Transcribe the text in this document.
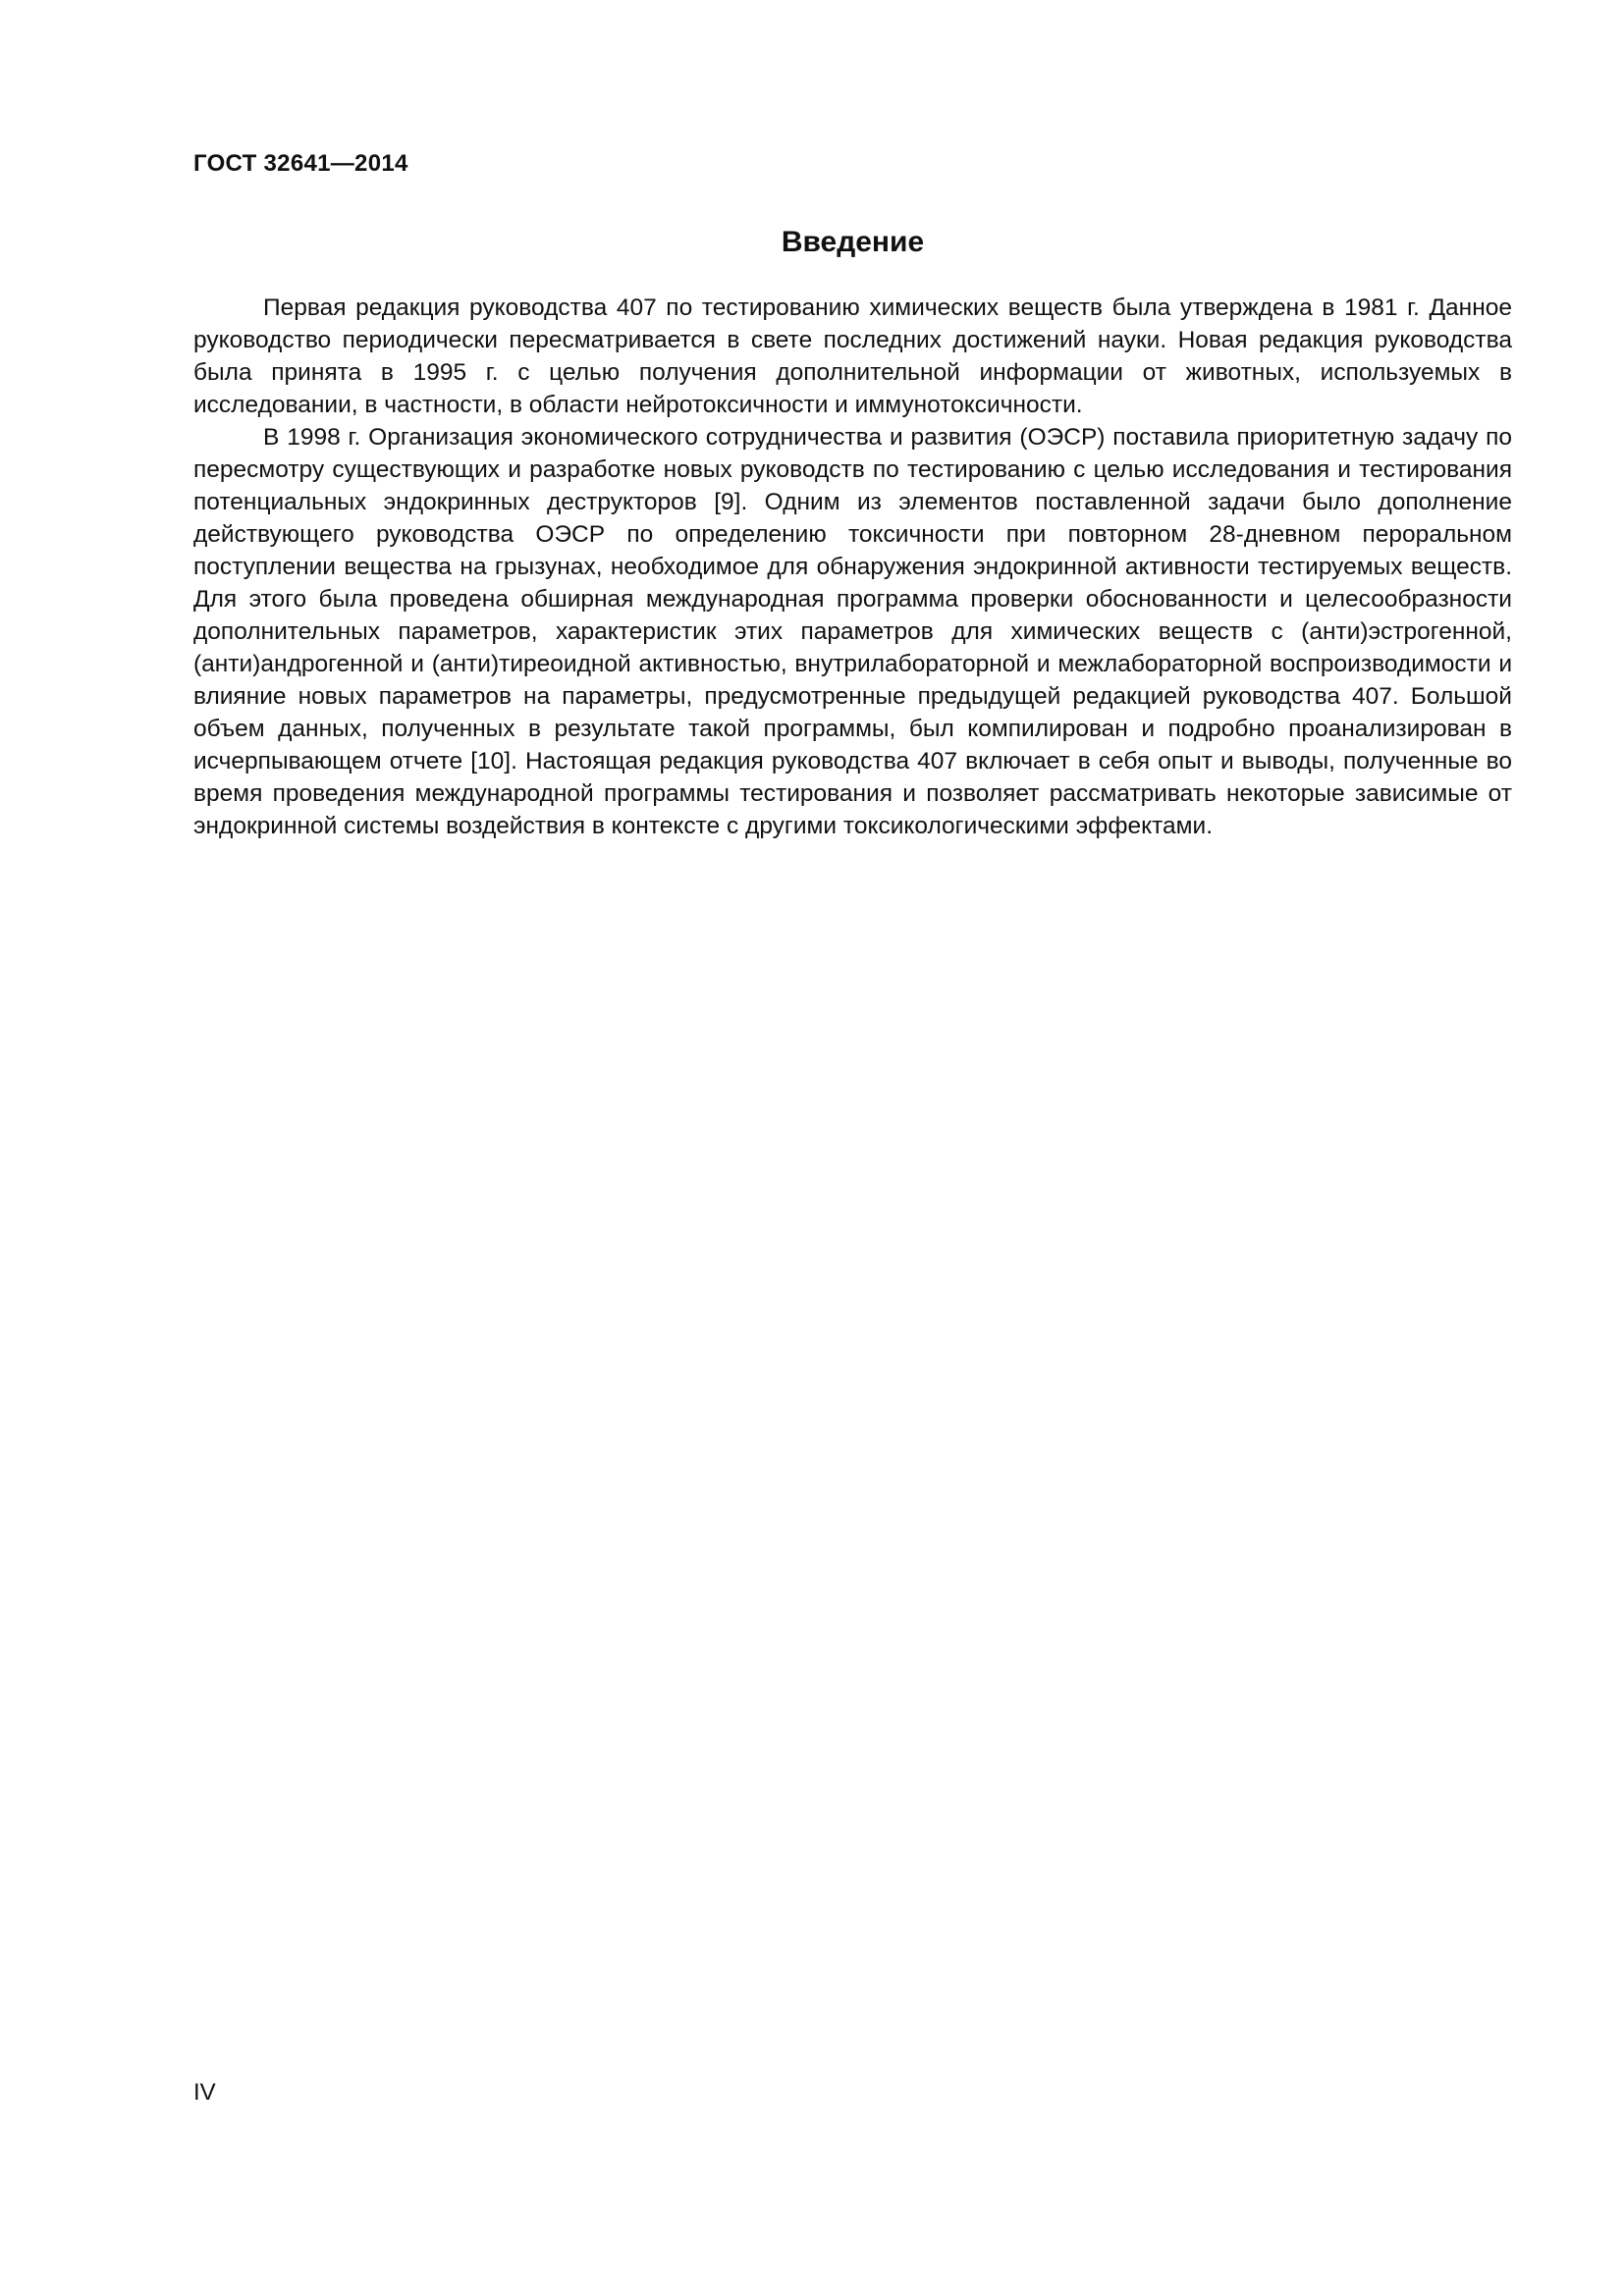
ГОСТ 32641—2014
Введение

Первая редакция руководства 407 по тестированию химических веществ была утверждена в 1981 г. Данное руководство периодически пересматривается в свете последних достижений науки. Новая редакция руководства была принята в 1995 г. с целью получения дополнительной информации от животных, используемых в исследовании, в частности, в области нейротоксичности и иммунотоксичности.

В 1998 г. Организация экономического сотрудничества и развития (ОЭСР) поставила приоритетную задачу по пересмотру существующих и разработке новых руководств по тестированию с целью исследования и тестирования потенциальных эндокринных деструкторов [9]. Одним из элементов поставленной задачи было дополнение действующего руководства ОЭСР по определению токсичности при повторном 28-дневном пероральном поступлении вещества на грызунах, необходимое для обнаружения эндокринной активности тестируемых веществ. Для этого была проведена обширная международная программа проверки обоснованности и целесообразности дополнительных параметров, характеристик этих параметров для химических веществ с (анти)эстрогенной, (анти)андрогенной и (анти)тиреоидной активностью, внутрилабораторной и межлабораторной воспроизводимости и влияние новых параметров на параметры, предусмотренные предыдущей редакцией руководства 407. Большой объем данных, полученных в результате такой программы, был компилирован и подробно проанализирован в исчерпывающем отчете [10]. Настоящая редакция руководства 407 включает в себя опыт и выводы, полученные во время проведения международной программы тестирования и позволяет рассматривать некоторые зависимые от эндокринной системы воздействия в контексте с другими токсикологическими эффектами.

IV
